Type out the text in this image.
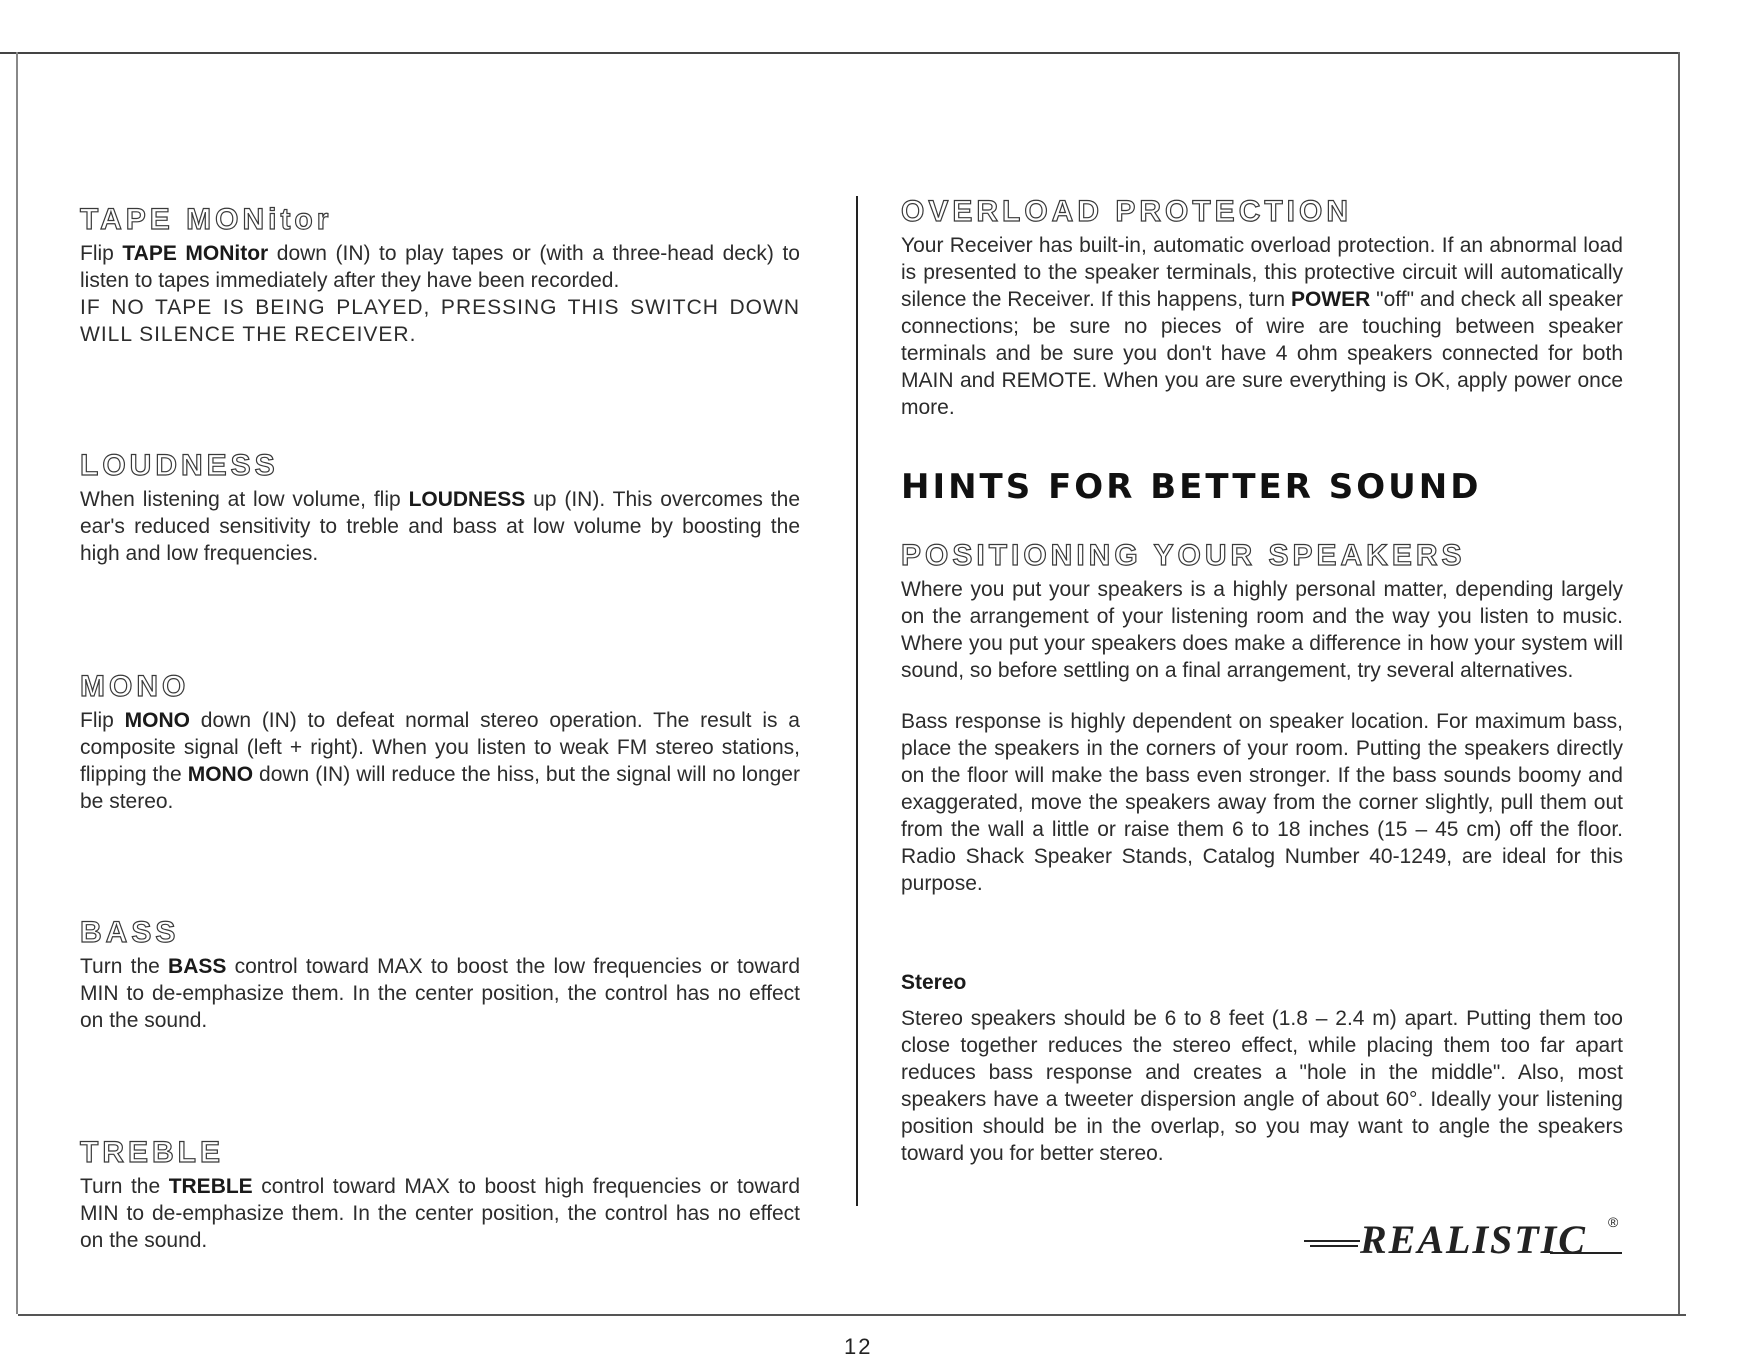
TAPE MONitor

Flip TAPE MONitor down (IN) to play tapes or (with a three-head deck) to listen to tapes immediately after they have been recorded.

IF NO TAPE IS BEING PLAYED, PRESSING THIS SWITCH DOWN WILL SILENCE THE RECEIVER.

LOUDNESS

When listening at low volume, flip LOUDNESS up (IN). This overcomes the ear's reduced sensitivity to treble and bass at low volume by boosting the high and low frequencies.

MONO

Flip MONO down (IN) to defeat normal stereo operation. The result is a composite signal (left + right). When you listen to weak FM stereo stations, flipping the MONO down (IN) will reduce the hiss, but the signal will no longer be stereo.

BASS

Turn the BASS control toward MAX to boost the low frequencies or toward MIN to de-emphasize them. In the center position, the control has no effect on the sound.

TREBLE

Turn the TREBLE control toward MAX to boost high frequencies or toward MIN to de-emphasize them. In the center position, the control has no effect on the sound.

OVERLOAD PROTECTION

Your Receiver has built-in, automatic overload protection. If an abnormal load is presented to the speaker terminals, this protective circuit will automatically silence the Receiver. If this happens, turn POWER "off" and check all speaker connections; be sure no pieces of wire are touching between speaker terminals and be sure you don't have 4 ohm speakers connected for both MAIN and REMOTE. When you are sure everything is OK, apply power once more.

HINTS FOR BETTER SOUND
POSITIONING YOUR SPEAKERS

Where you put your speakers is a highly personal matter, depending largely on the arrangement of your listening room and the way you listen to music. Where you put your speakers does make a difference in how your system will sound, so before settling on a final arrangement, try several alternatives.

Bass response is highly dependent on speaker location. For maximum bass, place the speakers in the corners of your room. Putting the speakers directly on the floor will make the bass even stronger. If the bass sounds boomy and exaggerated, move the speakers away from the corner slightly, pull them out from the wall a little or raise them 6 to 18 inches (15 – 45 cm) off the floor. Radio Shack Speaker Stands, Catalog Number 40-1249, are ideal for this purpose.

Stereo

Stereo speakers should be 6 to 8 feet (1.8 – 2.4 m) apart. Putting them too close together reduces the stereo effect, while placing them too far apart reduces bass response and creates a "hole in the middle". Also, most speakers have a tweeter dispersion angle of about 60°. Ideally your listening position should be in the overlap, so you may want to angle the speakers toward you for better stereo.

REALISTIC ®
12
